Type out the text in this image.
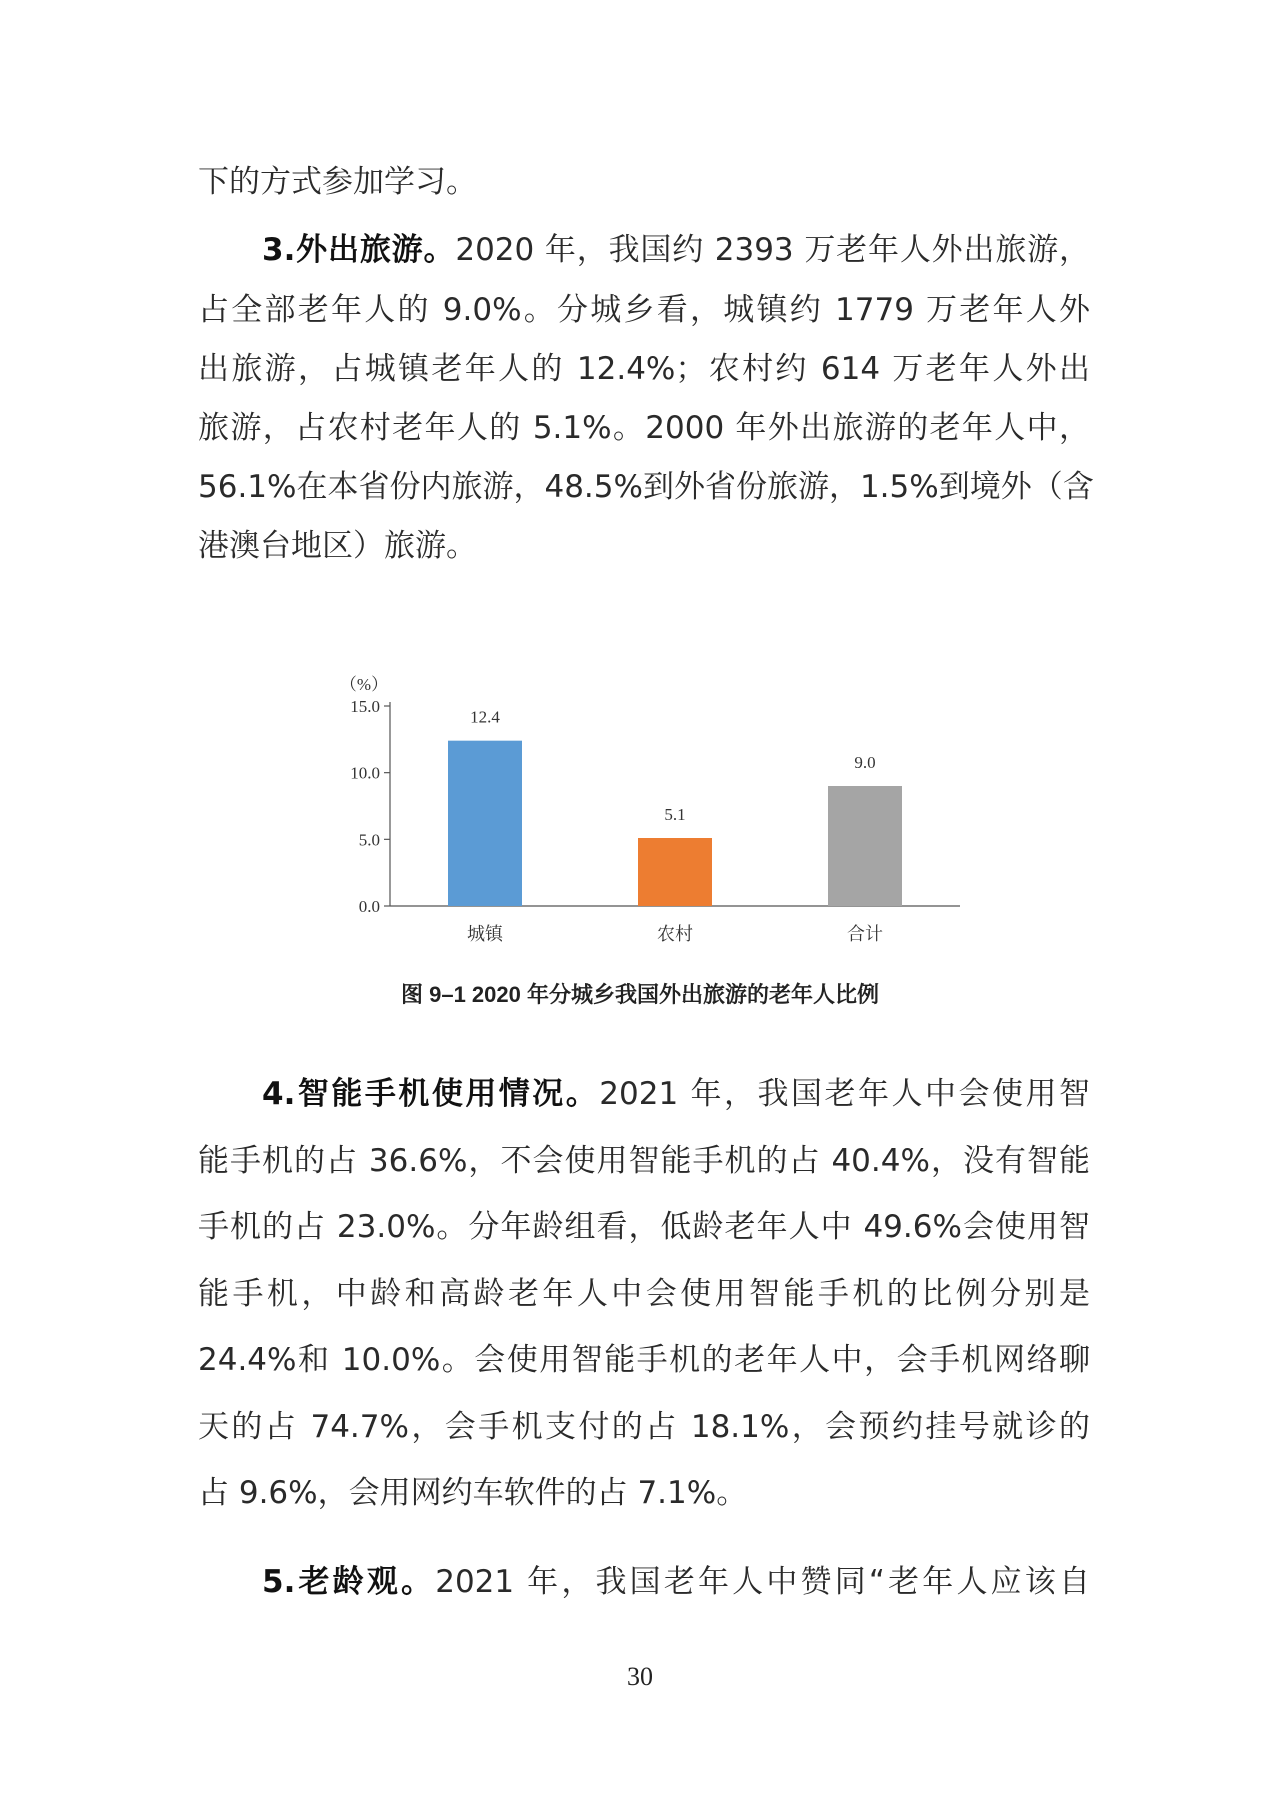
下的方式参加学习。
3.外出旅游。2020 年，我国约 2393 万老年人外出旅游，
占全部老年人的 9.0%。分城乡看，城镇约 1779 万老年人外
出旅游，占城镇老年人的 12.4%；农村约 614 万老年人外出
旅游，占农村老年人的 5.1%。2000 年外出旅游的老年人中，
56.1%在本省份内旅游，48.5%到外省份旅游，1.5%到境外（含
港澳台地区）旅游。
（%）
0.0
5.0
10.0
15.0
12.4
城镇
5.1
农村
9.0
合计
图 9–1 2020 年分城乡我国外出旅游的老年人比例
4.智能手机使用情况。2021 年，我国老年人中会使用智
能手机的占 36.6%，不会使用智能手机的占 40.4%，没有智能
手机的占 23.0%。分年龄组看，低龄老年人中 49.6%会使用智
能手机，中龄和高龄老年人中会使用智能手机的比例分别是
24.4%和 10.0%。会使用智能手机的老年人中，会手机网络聊
天的占 74.7%，会手机支付的占 18.1%，会预约挂号就诊的
占 9.6%，会用网约车软件的占 7.1%。
5.老龄观。2021 年，我国老年人中赞同“老年人应该自
30
